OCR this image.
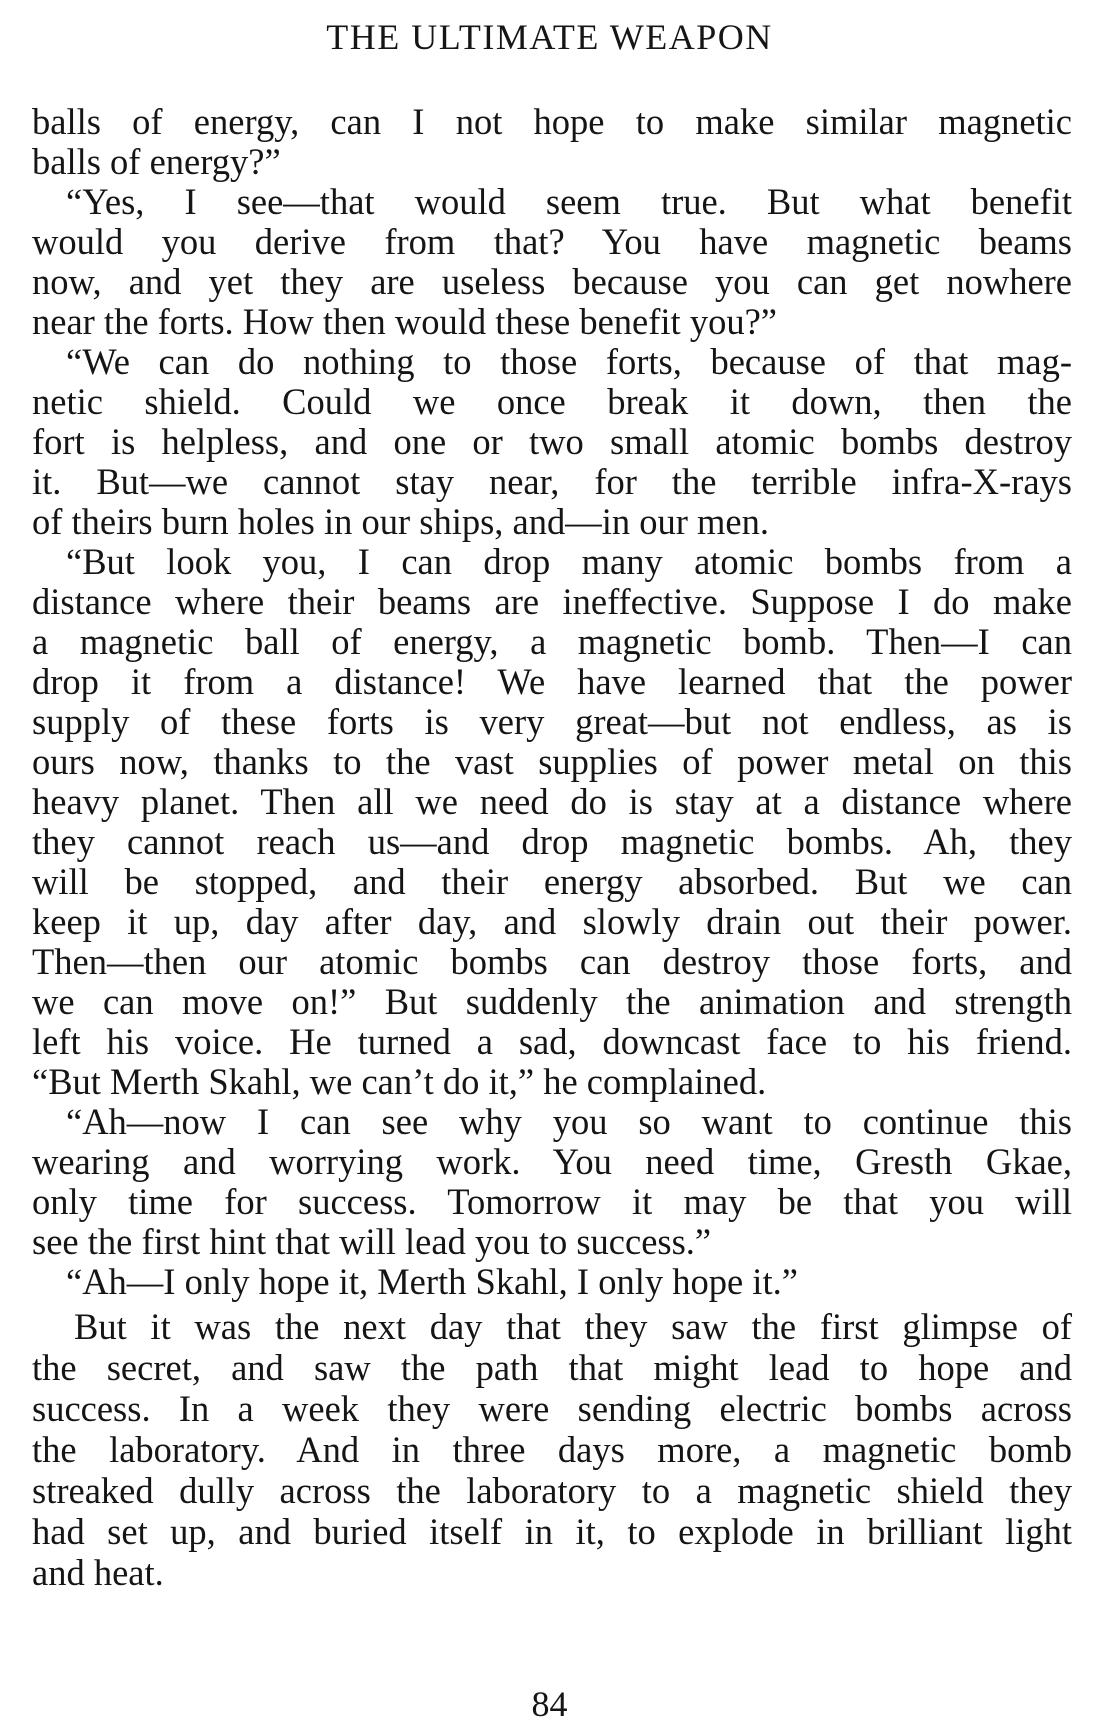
THE ULTIMATE WEAPON
balls of energy, can I not hope to make similar magnetic
balls of energy?”
“Yes, I see—that would seem true. But what benefit
would you derive from that? You have magnetic beams
now, and yet they are useless because you can get nowhere
near the forts. How then would these benefit you?”
“We can do nothing to those forts, because of that mag-
netic shield. Could we once break it down, then the
fort is helpless, and one or two small atomic bombs destroy
it. But—we cannot stay near, for the terrible infra-X-rays
of theirs burn holes in our ships, and—in our men.
“But look you, I can drop many atomic bombs from a
distance where their beams are ineffective. Suppose I do make
a magnetic ball of energy, a magnetic bomb. Then—I can
drop it from a distance! We have learned that the power
supply of these forts is very great—but not endless, as is
ours now, thanks to the vast supplies of power metal on this
heavy planet. Then all we need do is stay at a distance where
they cannot reach us—and drop magnetic bombs. Ah, they
will be stopped, and their energy absorbed. But we can
keep it up, day after day, and slowly drain out their power.
Then—then our atomic bombs can destroy those forts, and
we can move on!” But suddenly the animation and strength
left his voice. He turned a sad, downcast face to his friend.
“But Merth Skahl, we can’t do it,” he complained.
“Ah—now I can see why you so want to continue this
wearing and worrying work. You need time, Gresth Gkae,
only time for success. Tomorrow it may be that you will
see the first hint that will lead you to success.”
“Ah—I only hope it, Merth Skahl, I only hope it.”
But it was the next day that they saw the first glimpse of
the secret, and saw the path that might lead to hope and
success. In a week they were sending electric bombs across
the laboratory. And in three days more, a magnetic bomb
streaked dully across the laboratory to a magnetic shield they
had set up, and buried itself in it, to explode in brilliant light
and heat.
84
